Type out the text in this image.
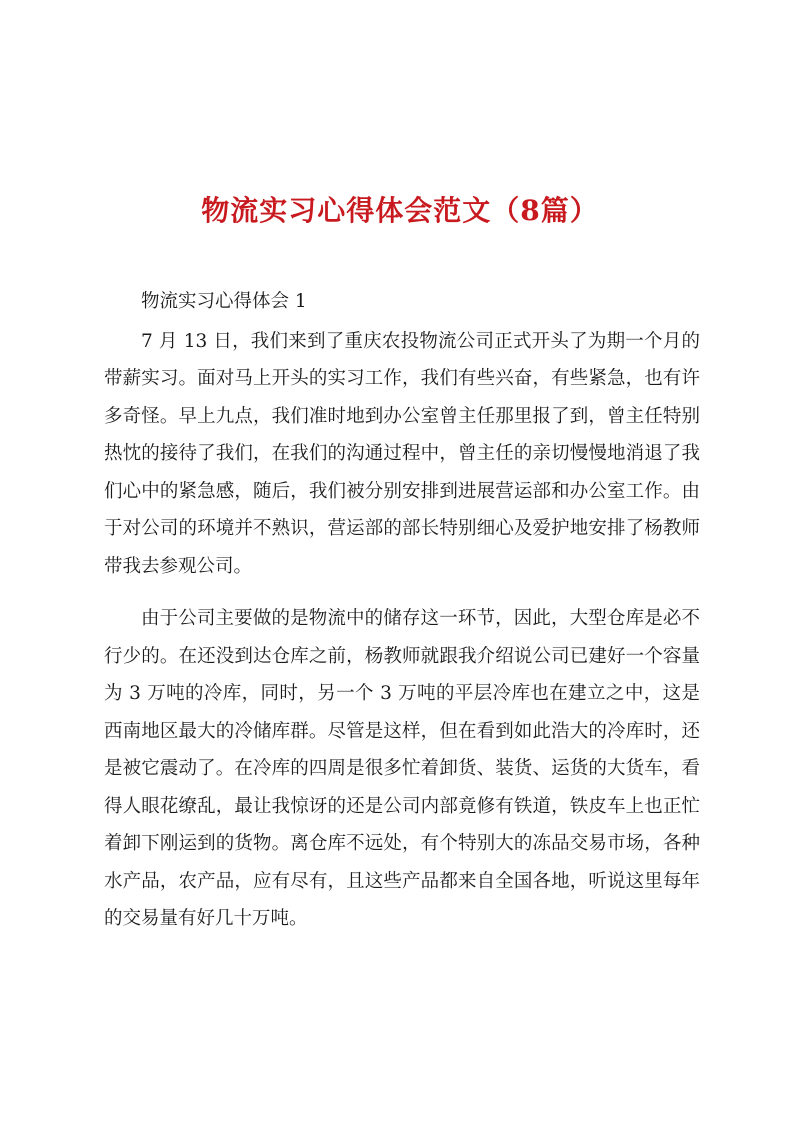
物流实习心得体会范文（8篇）

物流实习心得体会 1

7 月 13 日，我们来到了重庆农投物流公司正式开头了为期一个月的带薪实习。面对马上开头的实习工作，我们有些兴奋，有些紧急，也有许多奇怪。早上九点，我们准时地到办公室曾主任那里报了到，曾主任特别热忱的接待了我们，在我们的沟通过程中，曾主任的亲切慢慢地消退了我们心中的紧急感，随后，我们被分别安排到进展营运部和办公室工作。由于对公司的环境并不熟识，营运部的部长特别细心及爱护地安排了杨教师带我去参观公司。

由于公司主要做的是物流中的储存这一环节，因此，大型仓库是必不行少的。在还没到达仓库之前，杨教师就跟我介绍说公司已建好一个容量为 3 万吨的冷库，同时，另一个 3 万吨的平层冷库也在建立之中，这是西南地区最大的冷储库群。尽管是这样，但在看到如此浩大的冷库时，还是被它震动了。在冷库的四周是很多忙着卸货、装货、运货的大货车，看得人眼花缭乱，最让我惊讶的还是公司内部竟修有铁道，铁皮车上也正忙着卸下刚运到的货物。离仓库不远处，有个特别大的冻品交易市场，各种水产品，农产品，应有尽有，且这些产品都来自全国各地，听说这里每年的交易量有好几十万吨。
